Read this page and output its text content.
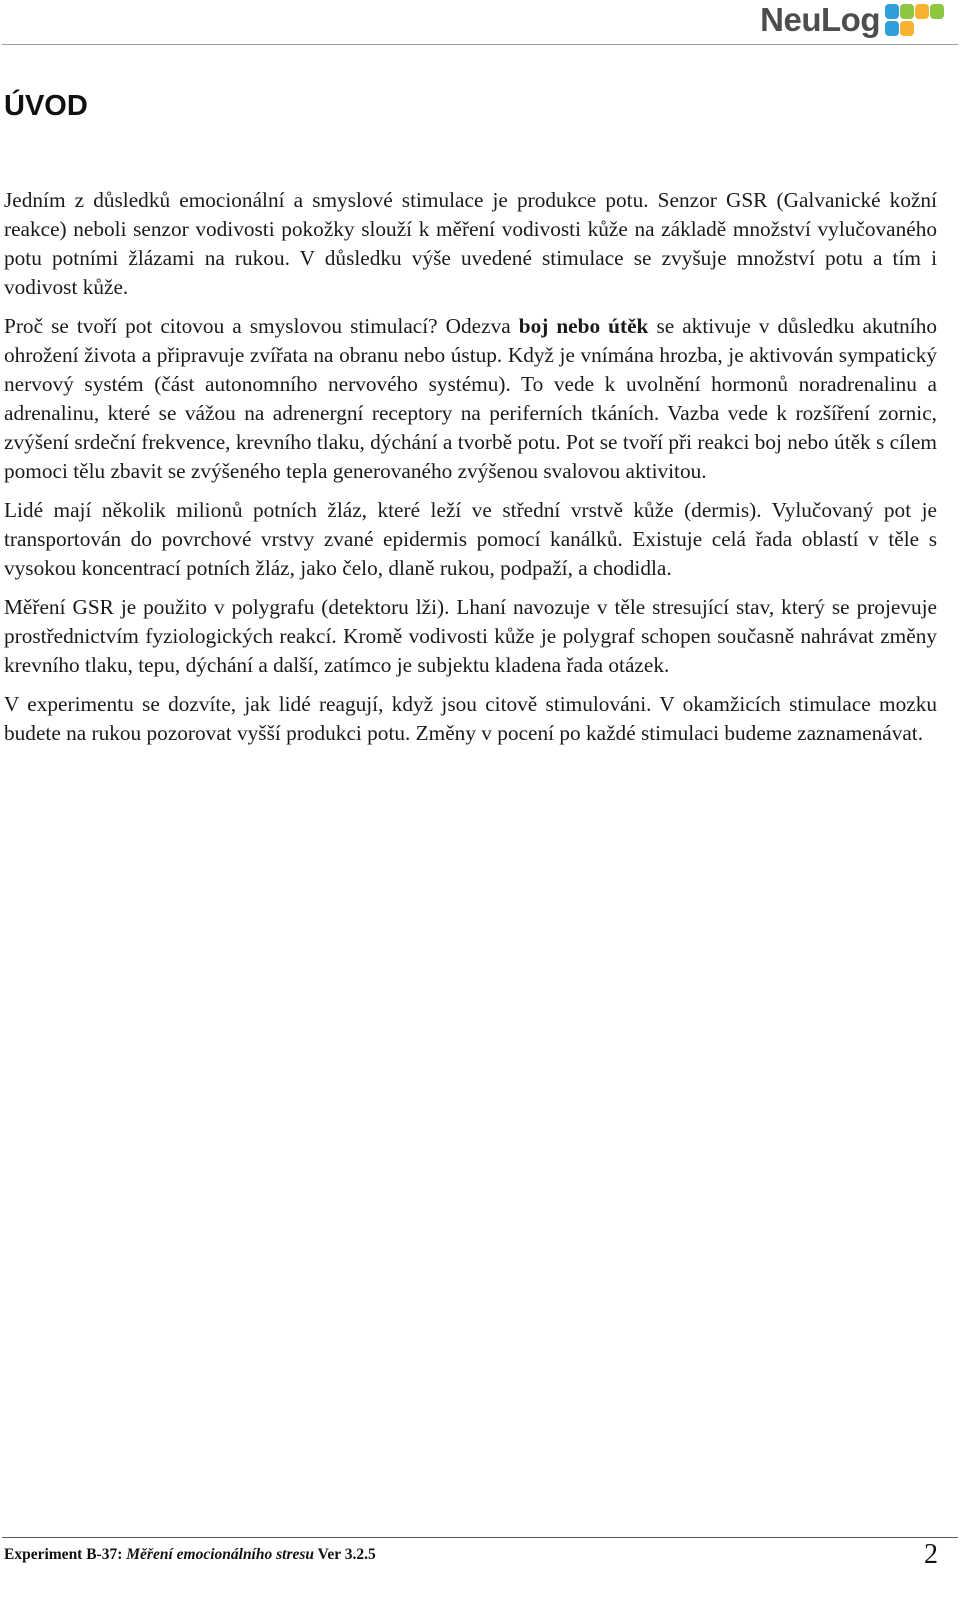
NeuLog
ÚVOD

Jedním z důsledků emocionální a smyslové stimulace je produkce potu. Senzor GSR (Galvanické kožní reakce) neboli senzor vodivosti pokožky slouží k měření vodivosti kůže na základě množství vylučovaného potu potními žlázami na rukou. V důsledku výše uvedené stimulace se zvyšuje množství potu a tím i vodivost kůže.

Proč se tvoří pot citovou a smyslovou stimulací? Odezva boj nebo útěk se aktivuje v důsledku akutního ohrožení života a připravuje zvířata na obranu nebo ústup. Když je vnímána hrozba, je aktivován sympatický nervový systém (část autonomního nervového systému). To vede k uvolnění hormonů noradrenalinu a adrenalinu, které se vážou na adrenergní receptory na periferních tkáních. Vazba vede k rozšíření zornic, zvýšení srdeční frekvence, krevního tlaku, dýchání a tvorbě potu. Pot se tvoří při reakci boj nebo útěk s cílem pomoci tělu zbavit se zvýšeného tepla generovaného zvýšenou svalovou aktivitou.

Lidé mají několik milionů potních žláz, které leží ve střední vrstvě kůže (dermis). Vylučovaný pot je transportován do povrchové vrstvy zvané epidermis pomocí kanálků. Existuje celá řada oblastí v těle s vysokou koncentrací potních žláz, jako čelo, dlaně rukou, podpaží, a chodidla.

Měření GSR je použito v polygrafu (detektoru lži). Lhaní navozuje v těle stresující stav, který se projevuje prostřednictvím fyziologických reakcí. Kromě vodivosti kůže je polygraf schopen současně nahrávat změny krevního tlaku, tepu, dýchání a další, zatímco je subjektu kladena řada otázek.

V experimentu se dozvíte, jak lidé reagují, když jsou citově stimulováni. V okamžicích stimulace mozku budete na rukou pozorovat vyšší produkci potu. Změny v pocení po každé stimulaci budeme zaznamenávat.

Experiment B-37: Měření emocionálního stresu Ver 3.2.5	2
